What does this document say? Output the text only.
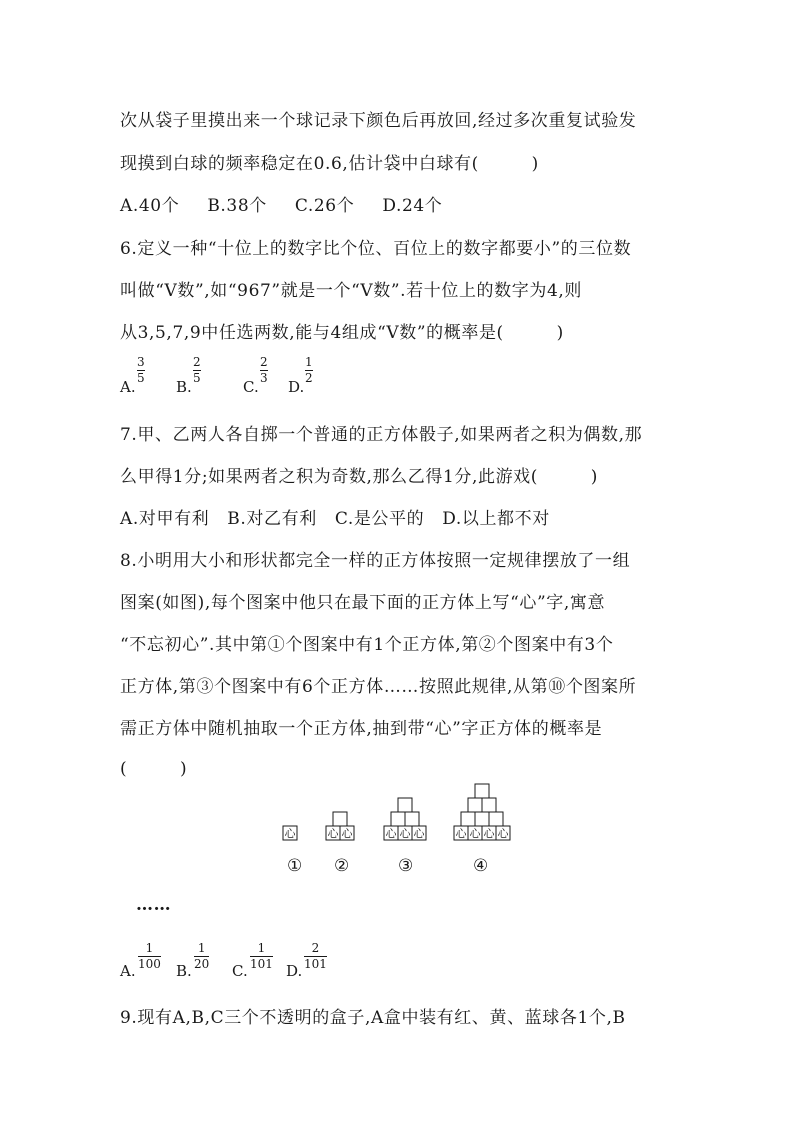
次从袋子里摸出来一个球记录下颜色后再放回,经过多次重复试验发
现摸到白球的频率稳定在0.6,估计袋中白球有(　　　)
A.40个 B.38个 C.26个 D.24个
6.定义一种“十位上的数字比个位、百位上的数字都要小”的三位数
叫做“V数”,如“967”就是一个“V数”.若十位上的数字为4,则
从3,5,7,9中任选两数,能与4组成“V数”的概率是(　　　)
A.
$\frac{3}{5}$
B.
$\frac{2}{5}$
C.
$\frac{2}{3}$
D.
$\frac{1}{2}$
7.甲、乙两人各自掷一个普通的正方体骰子,如果两者之积为偶数,那
么甲得1分;如果两者之积为奇数,那么乙得1分,此游戏(　　　)
A.对甲有利 B.对乙有利 C.是公平的 D.以上都不对
8.小明用大小和形状都完全一样的正方体按照一定规律摆放了一组
图案(如图),每个图案中他只在最下面的正方体上写“心”字,寓意
“不忘初心”.其中第①个图案中有1个正方体,第②个图案中有3个
正方体,第③个图案中有6个正方体……按照此规律,从第⑩个图案所
需正方体中随机抽取一个正方体,抽到带“心”字正方体的概率是
(　　　)
心	心 心	心 心 心	心 心 心 心
① ②	③	④
……
A. $\frac{1}{100} B$. $\frac{1}{20} C$. $\frac{1}{101} D$. $\frac{2}{101}$
9.现有A,B,C三个不透明的盒子,A盒中装有红、黄、蓝球各1个,B
